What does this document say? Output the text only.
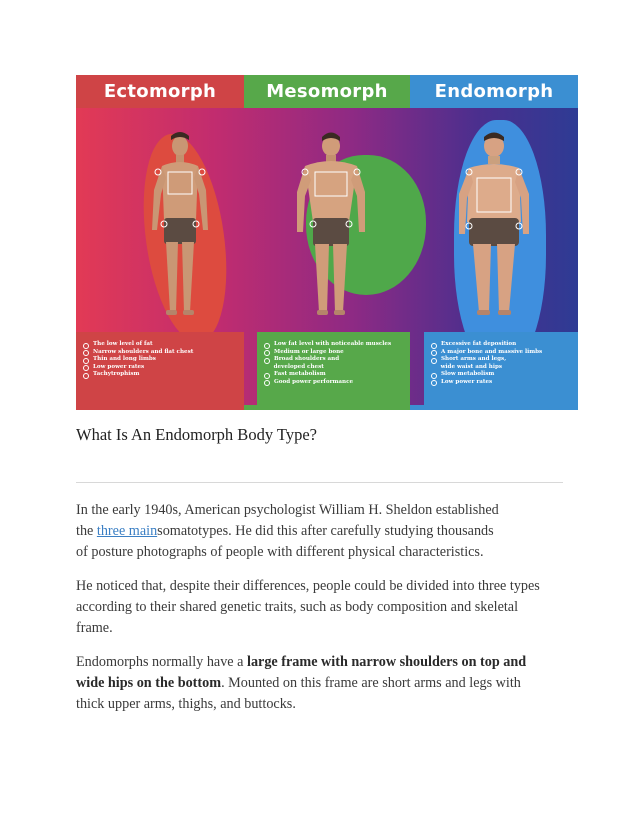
Ectomorph	Mesomorph	Endomorph
The low level of fat
Narrow shoulders and flat chest
Thin and long limbs
Low power rates
Tachytrophism
Low fat level with noticeable muscles
Medium or large bone
Broad shoulders and
developed chest
Fast metabolism
Good power performance
Excessive fat deposition
A major bone and massive limbs
Short arms and legs,
wide waist and hips
Slow metabolism
Low power rates
What Is An Endomorph Body Type?

In the early 1940s, American psychologist William H. Sheldon established
the three mainsomatotypes. He did this after carefully studying thousands
of posture photographs of people with different physical characteristics.

He noticed that, despite their differences, people could be divided into three types
according to their shared genetic traits, such as body composition and skeletal
frame.

Endomorphs normally have a large frame with narrow shoulders on top and
wide hips on the bottom. Mounted on this frame are short arms and legs with
thick upper arms, thighs, and buttocks.
